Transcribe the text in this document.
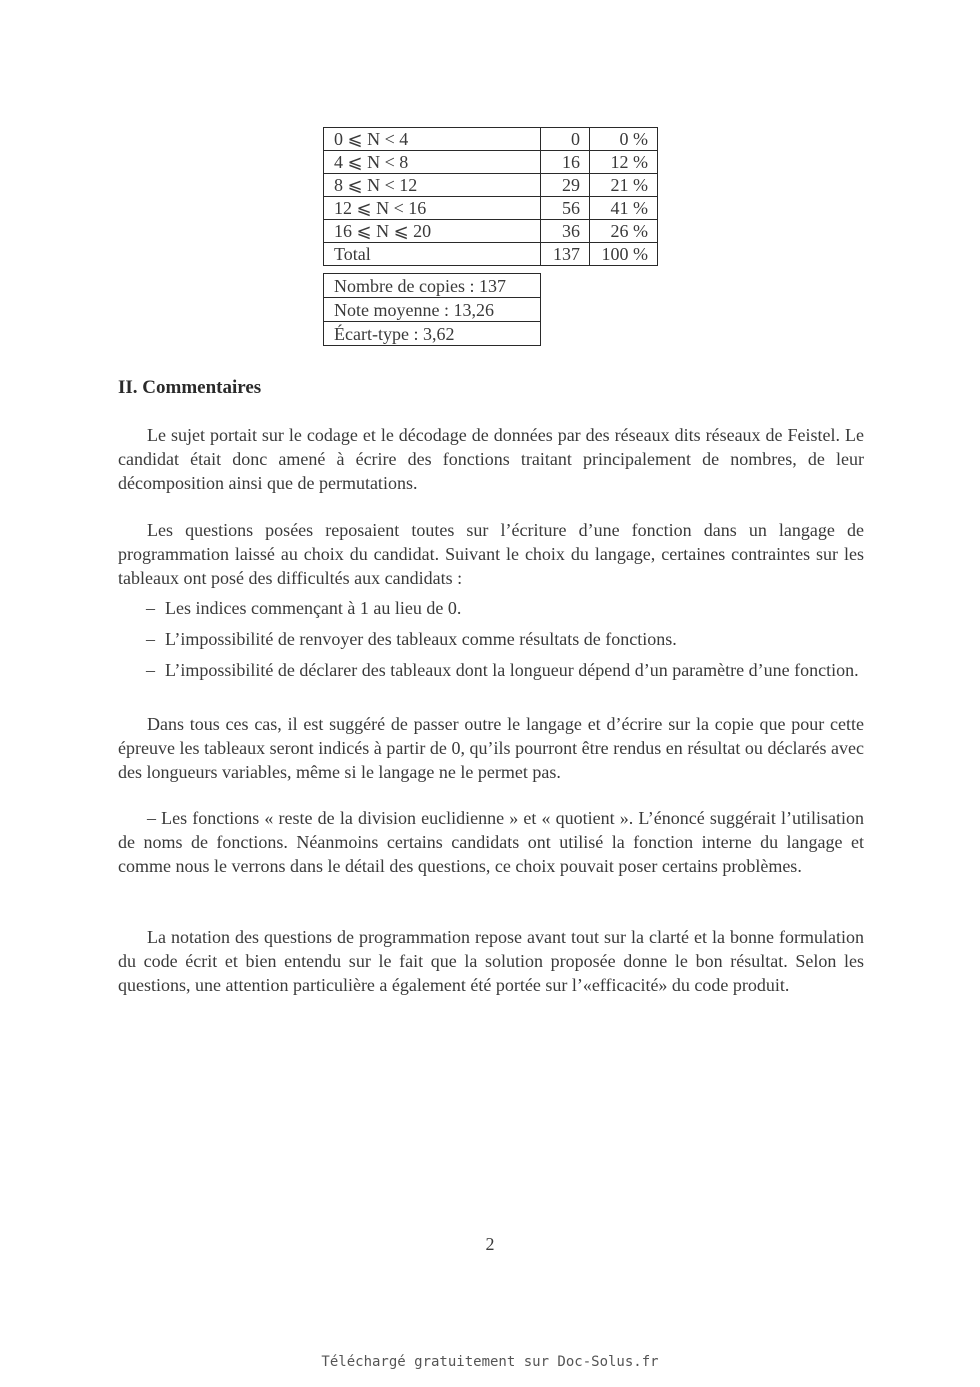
0 ⩽ N < 4	0	0 %
4 ⩽ N < 8	16	12 %
8 ⩽ N < 12	29	21 %
12 ⩽ N < 16	56	41 %
16 ⩽ N ⩽ 20	36	26 %
Total	137	100 %
Nombre de copies : 137
Note moyenne : 13,26
Écart-type : 3,62
II. Commentaires

Le sujet portait sur le codage et le décodage de données par des réseaux dits réseaux de Feistel. Le candidat était donc amené à écrire des fonctions traitant principalement de nombres, de leur décomposition ainsi que de permutations.

Les questions posées reposaient toutes sur l’écriture d’une fonction dans un langage de programmation laissé au choix du candidat. Suivant le choix du langage, certaines contraintes sur les tableaux ont posé des difficultés aux candidats :

– Les indices commençant à 1 au lieu de 0.
– L’impossibilité de renvoyer des tableaux comme résultats de fonctions.
– L’impossibilité de déclarer des tableaux dont la longueur dépend d’un paramètre d’une fonction.

Dans tous ces cas, il est suggéré de passer outre le langage et d’écrire sur la copie que pour cette épreuve les tableaux seront indicés à partir de 0, qu’ils pourront être rendus en résultat ou déclarés avec des longueurs variables, même si le langage ne le permet pas.

– Les fonctions « reste de la division euclidienne » et « quotient ». L’énoncé suggérait l’utilisation de noms de fonctions. Néanmoins certains candidats ont utilisé la fonction interne du langage et comme nous le verrons dans le détail des questions, ce choix pouvait poser certains problèmes.

La notation des questions de programmation repose avant tout sur la clarté et la bonne formulation du code écrit et bien entendu sur le fait que la solution proposée donne le bon résultat. Selon les questions, une attention particulière a également été portée sur l’«efficacité» du code produit.

2
Téléchargé gratuitement sur Doc-Solus.fr
